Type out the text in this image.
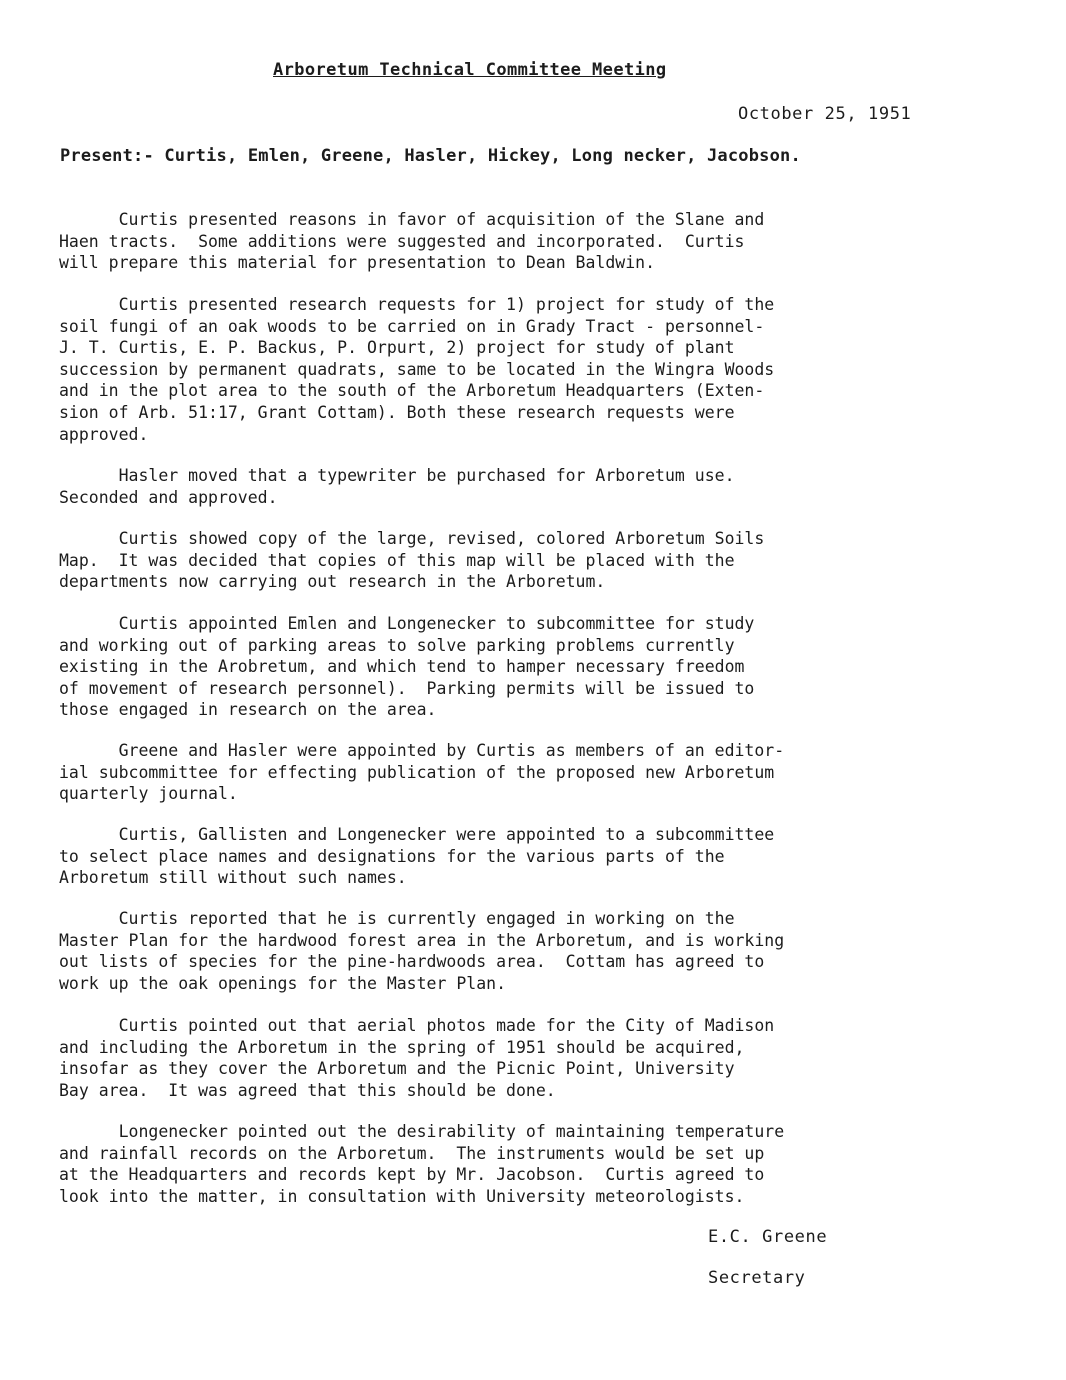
Arboretum Technical Committee Meeting
October 25, 1951
Present:- Curtis, Emlen, Greene, Hasler, Hickey, Long necker, Jacobson.
Curtis presented reasons in favor of acquisition of the Slane and
Haen tracts.  Some additions were suggested and incorporated.  Curtis
will prepare this material for presentation to Dean Baldwin.
Curtis presented research requests for 1) project for study of the
soil fungi of an oak woods to be carried on in Grady Tract - personnel-
J. T. Curtis, E. P. Backus, P. Orpurt, 2) project for study of plant
succession by permanent quadrats, same to be located in the Wingra Woods
and in the plot area to the south of the Arboretum Headquarters (Exten-
sion of Arb. 51:17, Grant Cottam). Both these research requests were
approved.
Hasler moved that a typewriter be purchased for Arboretum use.
Seconded and approved.
Curtis showed copy of the large, revised, colored Arboretum Soils
Map.  It was decided that copies of this map will be placed with the
departments now carrying out research in the Arboretum.
Curtis appointed Emlen and Longenecker to subcommittee for study
and working out of parking areas to solve parking problems currently
existing in the Arobretum, and which tend to hamper necessary freedom
of movement of research personnel).  Parking permits will be issued to
those engaged in research on the area.
Greene and Hasler were appointed by Curtis as members of an editor-
ial subcommittee for effecting publication of the proposed new Arboretum
quarterly journal.
Curtis, Gallisten and Longenecker were appointed to a subcommittee
to select place names and designations for the various parts of the
Arboretum still without such names.
Curtis reported that he is currently engaged in working on the
Master Plan for the hardwood forest area in the Arboretum, and is working
out lists of species for the pine-hardwoods area.  Cottam has agreed to
work up the oak openings for the Master Plan.
Curtis pointed out that aerial photos made for the City of Madison
and including the Arboretum in the spring of 1951 should be acquired,
insofar as they cover the Arboretum and the Picnic Point, University
Bay area.  It was agreed that this should be done.
Longenecker pointed out the desirability of maintaining temperature
and rainfall records on the Arboretum.  The instruments would be set up
at the Headquarters and records kept by Mr. Jacobson.  Curtis agreed to
look into the matter, in consultation with University meteorologists.
E.C. Greene
Secretary
